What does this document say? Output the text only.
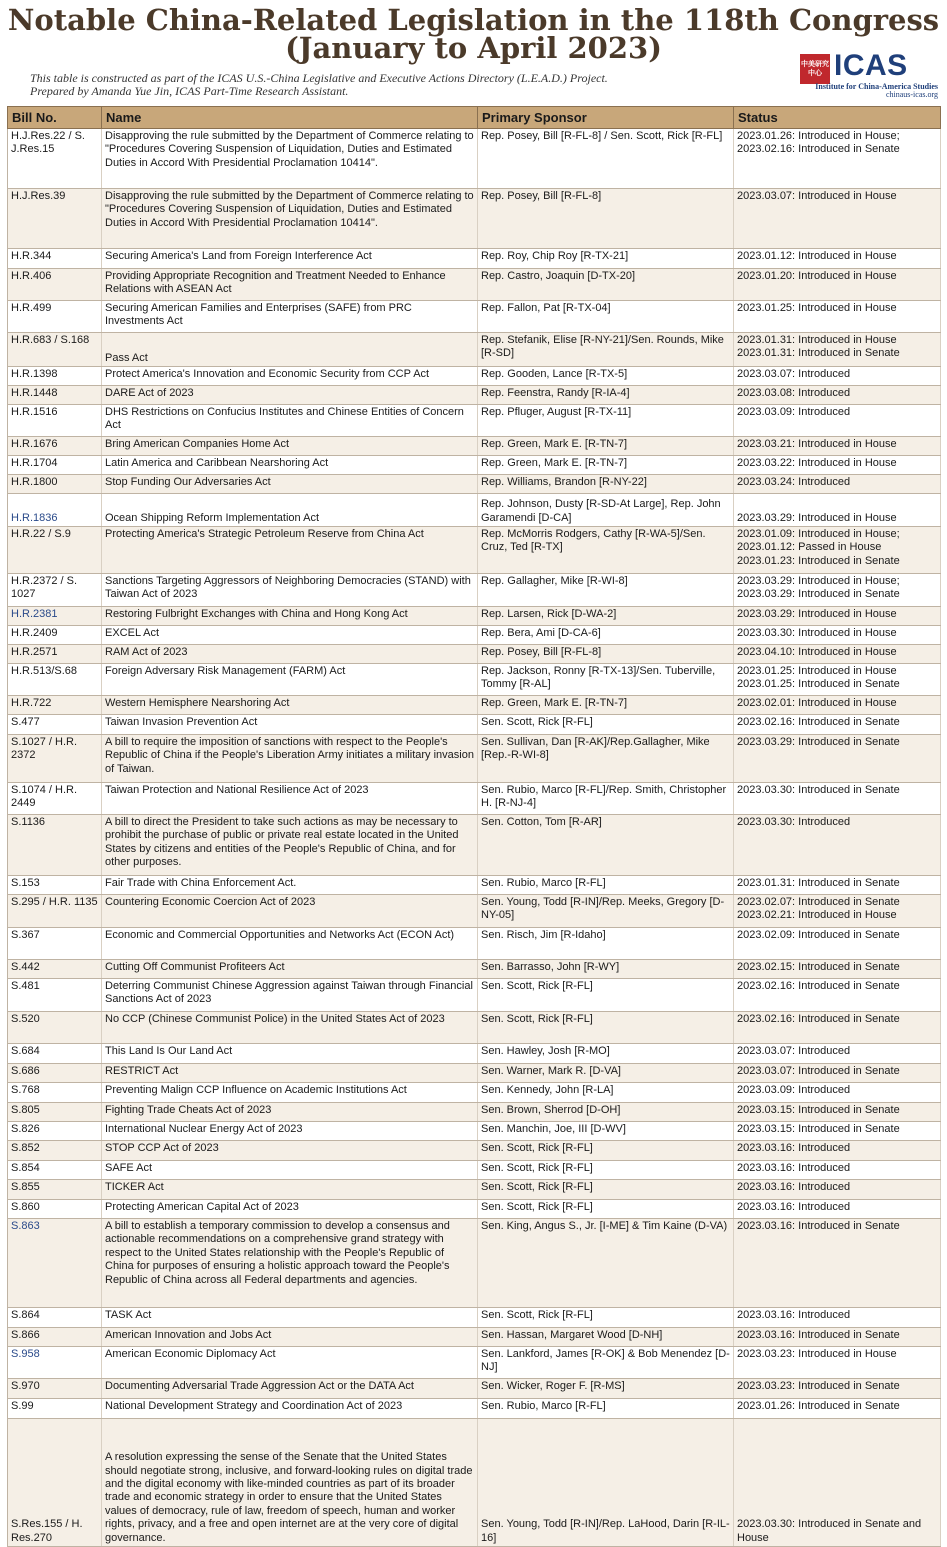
Notable China-Related Legislation in the 118th Congress
(January to April 2023)
This table is constructed as part of the ICAS U.S.-China Legislative and Executive Actions Directory (L.E.A.D.) Project.
Prepared by Amanda Yue Jin, ICAS Part-Time Research Assistant.
中美研究中心 ICAS
Institute for China-America Studies
chinaus-icas.org
Bill No.	Name	Primary Sponsor	Status
H.J.Res.22 / S. J.Res.15	Disapproving the rule submitted by the Department of Commerce relating to "Procedures Covering Suspension of Liquidation, Duties and Estimated Duties in Accord With Presidential Proclamation 10414".	Rep. Posey, Bill [R-FL-8] / Sen. Scott, Rick [R-FL]	2023.01.26: Introduced in House;
2023.02.16: Introduced in Senate

H.J.Res.39	Disapproving the rule submitted by the Department of Commerce relating to "Procedures Covering Suspension of Liquidation, Duties and Estimated Duties in Accord With Presidential Proclamation 10414".	Rep. Posey, Bill [R-FL-8]	2023.03.07: Introduced in House

H.R.344	Securing America's Land from Foreign Interference Act	Rep. Roy, Chip Roy [R-TX-21]	2023.01.12: Introduced in House

H.R.406	Providing Appropriate Recognition and Treatment Needed to Enhance Relations with ASEAN Act	Rep. Castro, Joaquin [D-TX-20]	2023.01.20: Introduced in House

H.R.499	Securing American Families and Enterprises (SAFE) from PRC Investments Act	Rep. Fallon, Pat [R-TX-04]	2023.01.25: Introduced in House

H.R.683 / S.168	Pass Act	Rep. Stefanik, Elise [R-NY-21]/Sen. Rounds, Mike [R-SD]	2023.01.31: Introduced in House
2023.01.31: Introduced in Senate

H.R.1398	Protect America's Innovation and Economic Security from CCP Act	Rep. Gooden, Lance [R-TX-5]	2023.03.07: Introduced

H.R.1448	DARE Act of 2023	Rep. Feenstra, Randy [R-IA-4]	2023.03.08: Introduced

H.R.1516	DHS Restrictions on Confucius Institutes and Chinese Entities of Concern Act	Rep. Pfluger, August [R-TX-11]	2023.03.09: Introduced

H.R.1676	Bring American Companies Home Act	Rep. Green, Mark E. [R-TN-7]	2023.03.21: Introduced in House

H.R.1704	Latin America and Caribbean Nearshoring Act	Rep. Green, Mark E. [R-TN-7]	2023.03.22: Introduced in House

H.R.1800	Stop Funding Our Adversaries Act	Rep. Williams, Brandon [R-NY-22]	2023.03.24: Introduced

H.R.1836	Ocean Shipping Reform Implementation Act	Rep. Johnson, Dusty [R-SD-At Large], Rep. John Garamendi [D-CA]	2023.03.29: Introduced in House

H.R.22 / S.9	Protecting America's Strategic Petroleum Reserve from China Act	Rep. McMorris Rodgers, Cathy [R-WA-5]/Sen. Cruz, Ted [R-TX]	2023.01.09: Introduced in House;
2023.01.12: Passed in House
2023.01.23: Introduced in Senate

H.R.2372 / S. 1027	Sanctions Targeting Aggressors of Neighboring Democracies (STAND) with Taiwan Act of 2023	Rep. Gallagher, Mike [R-WI-8]	2023.03.29: Introduced in House;
2023.03.29: Introduced in Senate

H.R.2381	Restoring Fulbright Exchanges with China and Hong Kong Act	Rep. Larsen, Rick [D-WA-2]	2023.03.29: Introduced in House

H.R.2409	EXCEL Act	Rep. Bera, Ami [D-CA-6]	2023.03.30: Introduced in House

H.R.2571	RAM Act of 2023	Rep. Posey, Bill [R-FL-8]	2023.04.10: Introduced in House

H.R.513/S.68	Foreign Adversary Risk Management (FARM) Act	Rep. Jackson, Ronny [R-TX-13]/Sen. Tuberville, Tommy [R-AL]	2023.01.25: Introduced in House
2023.01.25: Introduced in Senate

H.R.722	Western Hemisphere Nearshoring Act	Rep. Green, Mark E. [R-TN-7]	2023.02.01: Introduced in House

S.477	Taiwan Invasion Prevention Act	Sen. Scott, Rick [R-FL]	2023.02.16: Introduced in Senate

S.1027 / H.R. 2372	A bill to require the imposition of sanctions with respect to the People's Republic of China if the People's Liberation Army initiates a military invasion of Taiwan.	Sen. Sullivan, Dan [R-AK]/Rep.Gallagher, Mike [Rep.-R-WI-8]	2023.03.29: Introduced in Senate

S.1074 / H.R. 2449	Taiwan Protection and National Resilience Act of 2023	Sen. Rubio, Marco [R-FL]/Rep. Smith, Christopher H. [R-NJ-4]	2023.03.30: Introduced in Senate

S.1136	A bill to direct the President to take such actions as may be necessary to prohibit the purchase of public or private real estate located in the United States by citizens and entities of the People's Republic of China, and for other purposes.	Sen. Cotton, Tom [R-AR]	2023.03.30: Introduced

S.153	Fair Trade with China Enforcement Act.	Sen. Rubio, Marco [R-FL]	2023.01.31: Introduced in Senate

S.295 / H.R. 1135	Countering Economic Coercion Act of 2023	Sen. Young, Todd [R-IN]/Rep. Meeks, Gregory [D-NY-05]	2023.02.07: Introduced in Senate
2023.02.21: Introduced in House

S.367	Economic and Commercial Opportunities and Networks Act (ECON Act)	Sen. Risch, Jim [R-Idaho]	2023.02.09: Introduced in Senate

S.442	Cutting Off Communist Profiteers Act	Sen. Barrasso, John [R-WY]	2023.02.15: Introduced in Senate

S.481	Deterring Communist Chinese Aggression against Taiwan through Financial Sanctions Act of 2023	Sen. Scott, Rick [R-FL]	2023.02.16: Introduced in Senate

S.520	No CCP (Chinese Communist Police) in the United States Act of 2023	Sen. Scott, Rick [R-FL]	2023.02.16: Introduced in Senate

S.684	This Land Is Our Land Act	Sen. Hawley, Josh [R-MO]	2023.03.07: Introduced

S.686	RESTRICT Act	Sen. Warner, Mark R. [D-VA]	2023.03.07: Introduced in Senate

S.768	Preventing Malign CCP Influence on Academic Institutions Act	Sen. Kennedy, John [R-LA]	2023.03.09: Introduced

S.805	Fighting Trade Cheats Act of 2023	Sen. Brown, Sherrod [D-OH]	2023.03.15: Introduced in Senate

S.826	International Nuclear Energy Act of 2023	Sen. Manchin, Joe, III [D-WV]	2023.03.15: Introduced in Senate

S.852	STOP CCP Act of 2023	Sen. Scott, Rick [R-FL]	2023.03.16: Introduced

S.854	SAFE Act	Sen. Scott, Rick [R-FL]	2023.03.16: Introduced

S.855	TICKER Act	Sen. Scott, Rick [R-FL]	2023.03.16: Introduced

S.860	Protecting American Capital Act of 2023	Sen. Scott, Rick [R-FL]	2023.03.16: Introduced

S.863	A bill to establish a temporary commission to develop a consensus and actionable recommendations on a comprehensive grand strategy with respect to the United States relationship with the People's Republic of China for purposes of ensuring a holistic approach toward the People's Republic of China across all Federal departments and agencies.	Sen. King, Angus S., Jr. [I-ME] & Tim Kaine (D-VA)	2023.03.16: Introduced in Senate

S.864	TASK Act	Sen. Scott, Rick [R-FL]	2023.03.16: Introduced

S.866	American Innovation and Jobs Act	Sen. Hassan, Margaret Wood [D-NH]	2023.03.16: Introduced in Senate

S.958	American Economic Diplomacy Act	Sen. Lankford, James [R-OK] & Bob Menendez [D-NJ]	2023.03.23: Introduced in House

S.970	Documenting Adversarial Trade Aggression Act or the DATA Act	Sen. Wicker, Roger F. [R-MS]	2023.03.23: Introduced in Senate

S.99	National Development Strategy and Coordination Act of 2023	Sen. Rubio, Marco [R-FL]	2023.01.26: Introduced in Senate

S.Res.155 / H. Res.270	A resolution expressing the sense of the Senate that the United States should negotiate strong, inclusive, and forward-looking rules on digital trade and the digital economy with like-minded countries as part of its broader trade and economic strategy in order to ensure that the United States values of democracy, rule of law, freedom of speech, human and worker rights, privacy, and a free and open internet are at the very core of digital governance.	Sen. Young, Todd [R-IN]/Rep. LaHood, Darin [R-IL-16]	2023.03.30: Introduced in Senate and House
